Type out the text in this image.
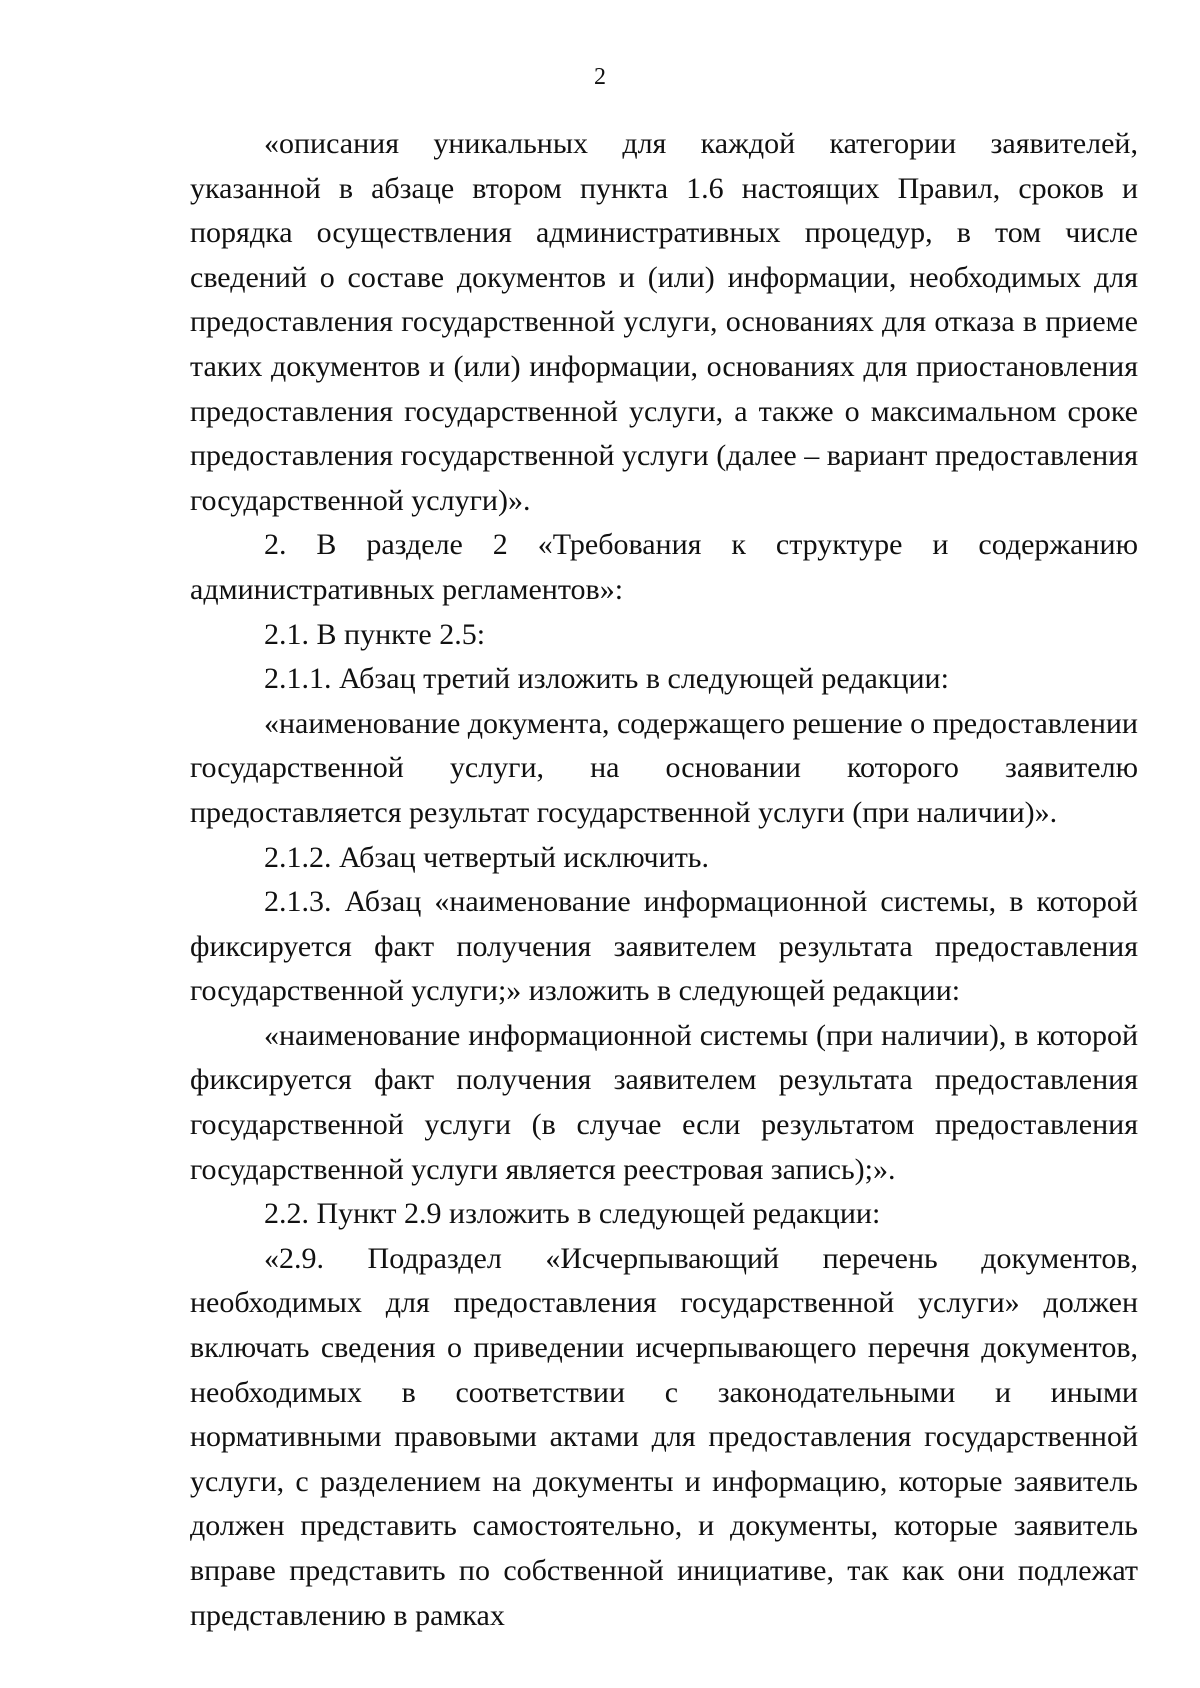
2

«описания уникальных для каждой категории заявителей, указанной в абзаце втором пункта 1.6 настоящих Правил, сроков и порядка осуществления административных процедур, в том числе сведений о составе документов и (или) информации, необходимых для предоставления государственной услуги, основаниях для отказа в приеме таких документов и (или) информации, основаниях для приостановления предоставления государственной услуги, а также о максимальном сроке предоставления государственной услуги (далее – вариант предоставления государственной услуги)».

2. В разделе 2 «Требования к структуре и содержанию административных регламентов»:

2.1. В пункте 2.5:

2.1.1. Абзац третий изложить в следующей редакции:

«наименование документа, содержащего решение о предоставлении государственной услуги, на основании которого заявителю предоставляется результат государственной услуги (при наличии)».

2.1.2. Абзац четвертый исключить.

2.1.3. Абзац «наименование информационной системы, в которой фиксируется факт получения заявителем результата предоставления государственной услуги;» изложить в следующей редакции:

«наименование информационной системы (при наличии), в которой фиксируется факт получения заявителем результата предоставления государственной услуги (в случае если результатом предоставления государственной услуги является реестровая запись);».

2.2. Пункт 2.9 изложить в следующей редакции:

«2.9. Подраздел «Исчерпывающий перечень документов, необходимых для предоставления государственной услуги» должен включать сведения о приведении исчерпывающего перечня документов, необходимых в соответствии с законодательными и иными нормативными правовыми актами для предоставления государственной услуги, с разделением на документы и информацию, которые заявитель должен представить самостоятельно, и документы, которые заявитель вправе представить по собственной инициативе, так как они подлежат представлению в рамках
